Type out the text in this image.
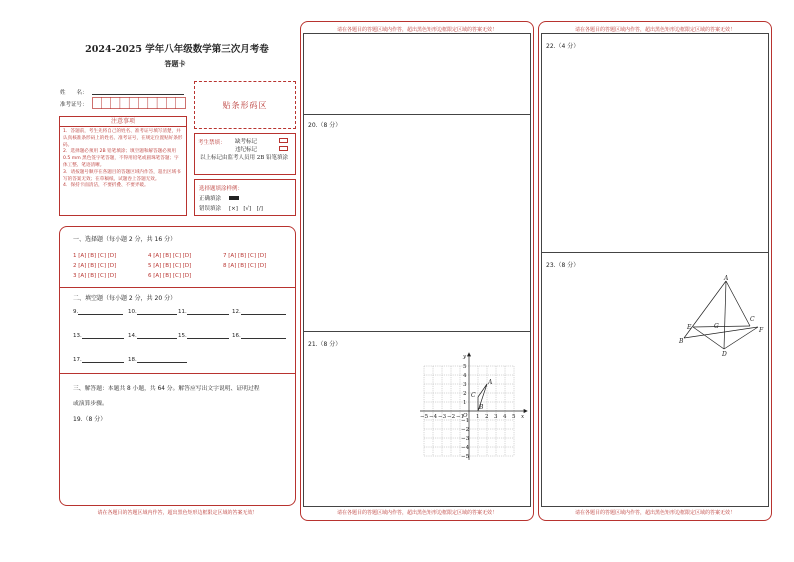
2024-2025 学年八年级数学第三次月考卷
答题卡
姓　　名：
准考证号：	贴条形码区
注意事项
1．答题前，考生先将自己的姓名、准考证号填写清楚，并认真核准条形码上的姓名、准考证号，在规定位置贴好条形码。
2．选择题必须用 2B 铅笔填涂；填空题和解答题必须用 0.5 mm 黑色签字笔答题，不得用铅笔或圆珠笔答题；字体工整、笔迹清晰。
3．请按题号顺序在各题目的答题区域内作答，超出区域书写的答案无效；在草稿纸、试题卷上答题无效。
4．保持卡面清洁，不要折叠、不要弄破。
考生禁填： 缺考标记
违纪标记
以上标记由监考人员用 2B 铅笔填涂
选择题填涂样例：
正确填涂
错误填涂 [×]　[√]　[/]
一、选择题（每小题 2 分，共 16 分）
1 [A] [B] [C] [D]
2 [A] [B] [C] [D]
3 [A] [B] [C] [D]
4 [A] [B] [C] [D]
5 [A] [B] [C] [D]
6 [A] [B] [C] [D]
7 [A] [B] [C] [D]
8 [A] [B] [C] [D]
二、填空题（每小题 2 分，共 20 分）
9.	10.	11.	12.
13.	14.	15.	16.
17.	18.
三、解答题：本题共 8 小题，共 64 分。解答应写出文字说明、证明过程
或演算步骤。
19.（8 分）
请在各题目的答题区域内作答，超出黑色矩形边框限定区域的答案无效！
请在各题目的答题区域内作答，超出黑色矩形边框限定区域的答案无效！
20.（8 分）
21.（8 分）
x
y
O
−5 −4 −3 −2 −1 1 2 3 4 5
5
4
3
2
1
−1
−2
−3
−4
−5
A
B
C
请在各题目的答题区域内作答，超出黑色矩形边框限定区域的答案无效！
请在各题目的答题区域内作答，超出黑色矩形边框限定区域的答案无效！
22.（4 分）
23.（8 分）
A
B
C
D
E	F
G
请在各题目的答题区域内作答，超出黑色矩形边框限定区域的答案无效！
